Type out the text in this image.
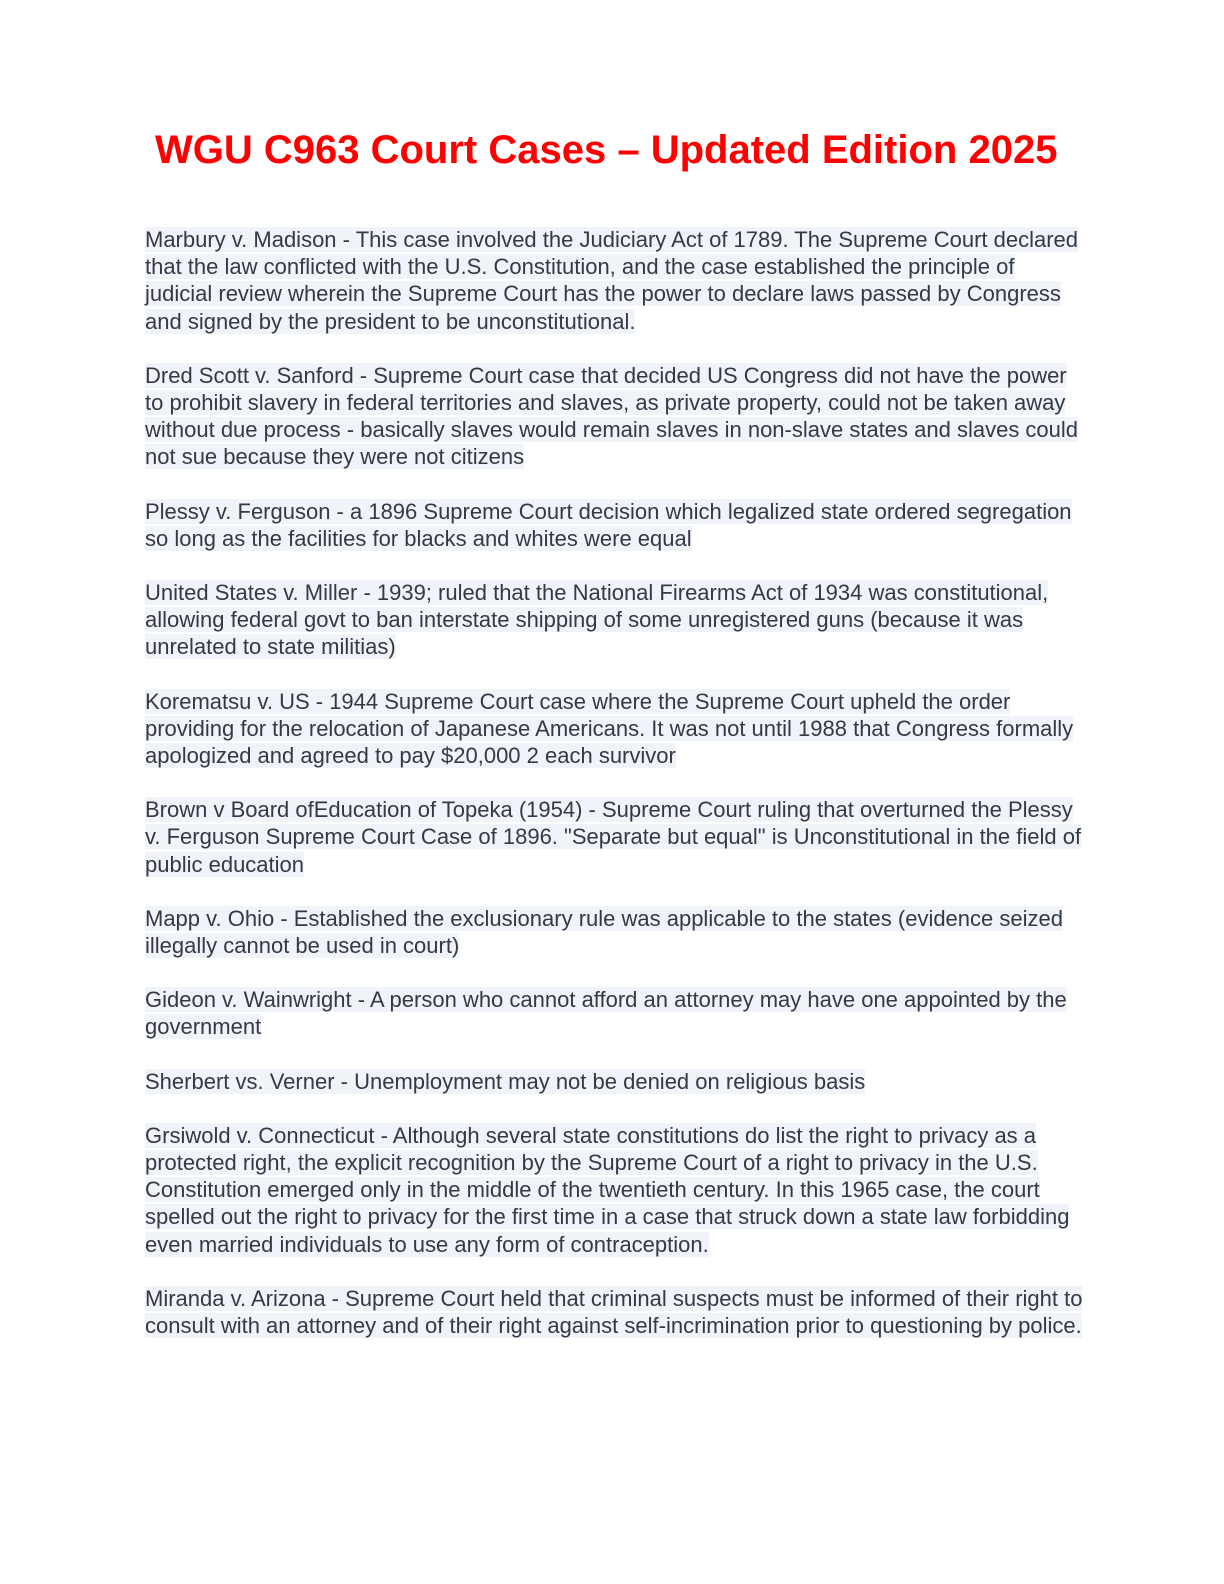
WGU C963 Court Cases – Updated Edition 2025
Marbury v. Madison - This case involved the Judiciary Act of 1789. The Supreme Court declared that the law conflicted with the U.S. Constitution, and the case established the principle of judicial review wherein the Supreme Court has the power to declare laws passed by Congress and signed by the president to be unconstitutional.
Dred Scott v. Sanford - Supreme Court case that decided US Congress did not have the power to prohibit slavery in federal territories and slaves, as private property, could not be taken away without due process - basically slaves would remain slaves in non-slave states and slaves could not sue because they were not citizens
Plessy v. Ferguson - a 1896 Supreme Court decision which legalized state ordered segregation so long as the facilities for blacks and whites were equal
United States v. Miller - 1939; ruled that the National Firearms Act of 1934 was constitutional, allowing federal govt to ban interstate shipping of some unregistered guns (because it was unrelated to state militias)
Korematsu v. US - 1944 Supreme Court case where the Supreme Court upheld the order providing for the relocation of Japanese Americans. It was not until 1988 that Congress formally apologized and agreed to pay $20,000 2 each survivor
Brown v Board ofEducation of Topeka (1954) - Supreme Court ruling that overturned the Plessy v. Ferguson Supreme Court Case of 1896. "Separate but equal" is Unconstitutional in the field of public education
Mapp v. Ohio - Established the exclusionary rule was applicable to the states (evidence seized illegally cannot be used in court)
Gideon v. Wainwright - A person who cannot afford an attorney may have one appointed by the government
Sherbert vs. Verner - Unemployment may not be denied on religious basis
Grsiwold v. Connecticut - Although several state constitutions do list the right to privacy as a protected right, the explicit recognition by the Supreme Court of a right to privacy in the U.S. Constitution emerged only in the middle of the twentieth century. In this 1965 case, the court spelled out the right to privacy for the first time in a case that struck down a state law forbidding even married individuals to use any form of contraception.
Miranda v. Arizona - Supreme Court held that criminal suspects must be informed of their right to consult with an attorney and of their right against self-incrimination prior to questioning by police.
